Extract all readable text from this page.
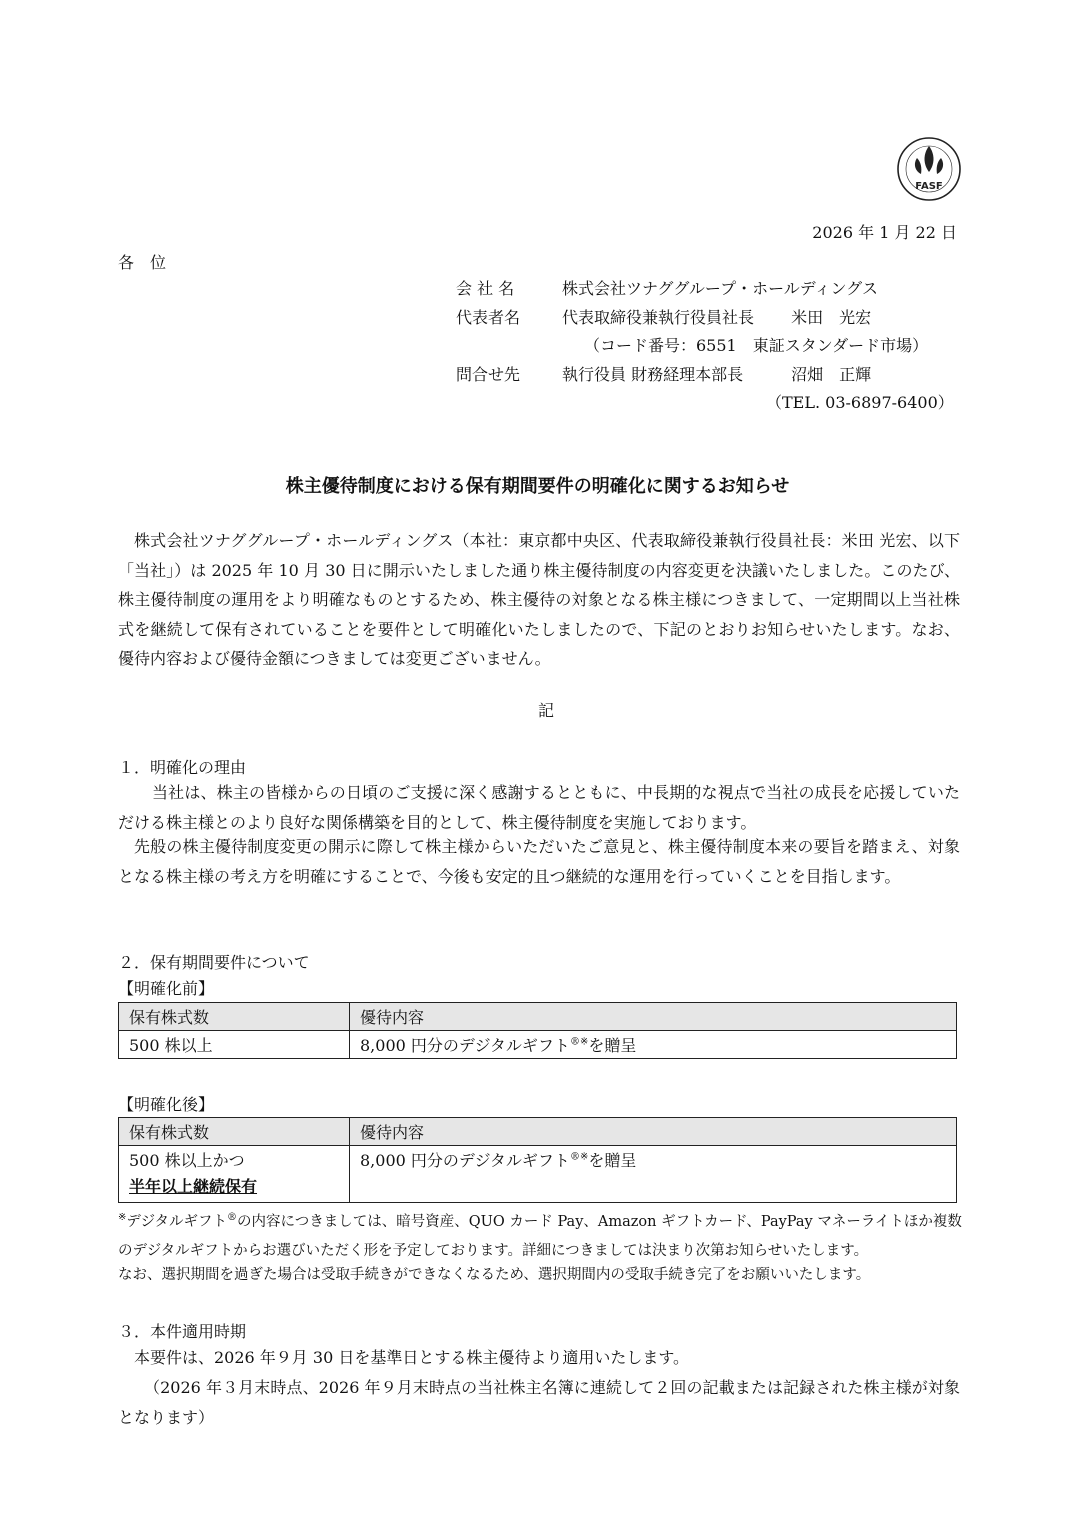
FASF
2026 年 1 月 22 日
各　位
会 社 名	株式会社ツナググループ・ホールディングス
代表者名	代表取締役兼執行役員社長　　 米田　光宏
（コード番号：6551　東証スタンダード市場）
問合せ先	執行役員 財務経理本部長　　　沼畑　正輝
（TEL. 03-6897-6400）
株主優待制度における保有期間要件の明確化に関するお知らせ
株式会社ツナググループ・ホールディングス（本社：東京都中央区、代表取締役兼執行役員社長：米田 光宏、以下「当社」）は 2025 年 10 月 30 日に開示いたしました通り株主優待制度の内容変更を決議いたしました。このたび、株主優待制度の運用をより明確なものとするため、株主優待の対象となる株主様につきまして、一定期間以上当社株式を継続して保有されていることを要件として明確化いたしましたので、下記のとおりお知らせいたします。なお、優待内容および優待金額につきましては変更ございません。
記
１．明確化の理由
当社は、株主の皆様からの日頃のご支援に深く感謝するとともに、中長期的な視点で当社の成長を応援していただける株主様とのより良好な関係構築を目的として、株主優待制度を実施しております。
先般の株主優待制度変更の開示に際して株主様からいただいたご意見と、株主優待制度本来の要旨を踏まえ、対象となる株主様の考え方を明確にすることで、今後も安定的且つ継続的な運用を行っていくことを目指します。
２．保有期間要件について
【明確化前】
保有株式数	優待内容
500 株以上	8,000 円分のデジタルギフト®※を贈呈
【明確化後】
保有株式数	優待内容

500 株以上かつ
半年以上継続保有	8,000 円分のデジタルギフト®※を贈呈
※デジタルギフト®の内容につきましては、暗号資産、QUO カード Pay、Amazon ギフトカード、PayPay マネーライトほか複数のデジタルギフトからお選びいただく形を予定しております。詳細につきましては決まり次第お知らせいたします。
なお、選択期間を過ぎた場合は受取手続きができなくなるため、選択期間内の受取手続き完了をお願いいたします。
３．本件適用時期
本要件は、2026 年９月 30 日を基準日とする株主優待より適用いたします。
（2026 年３月末時点、2026 年９月末時点の当社株主名簿に連続して２回の記載または記録された株主様が対象となります）
